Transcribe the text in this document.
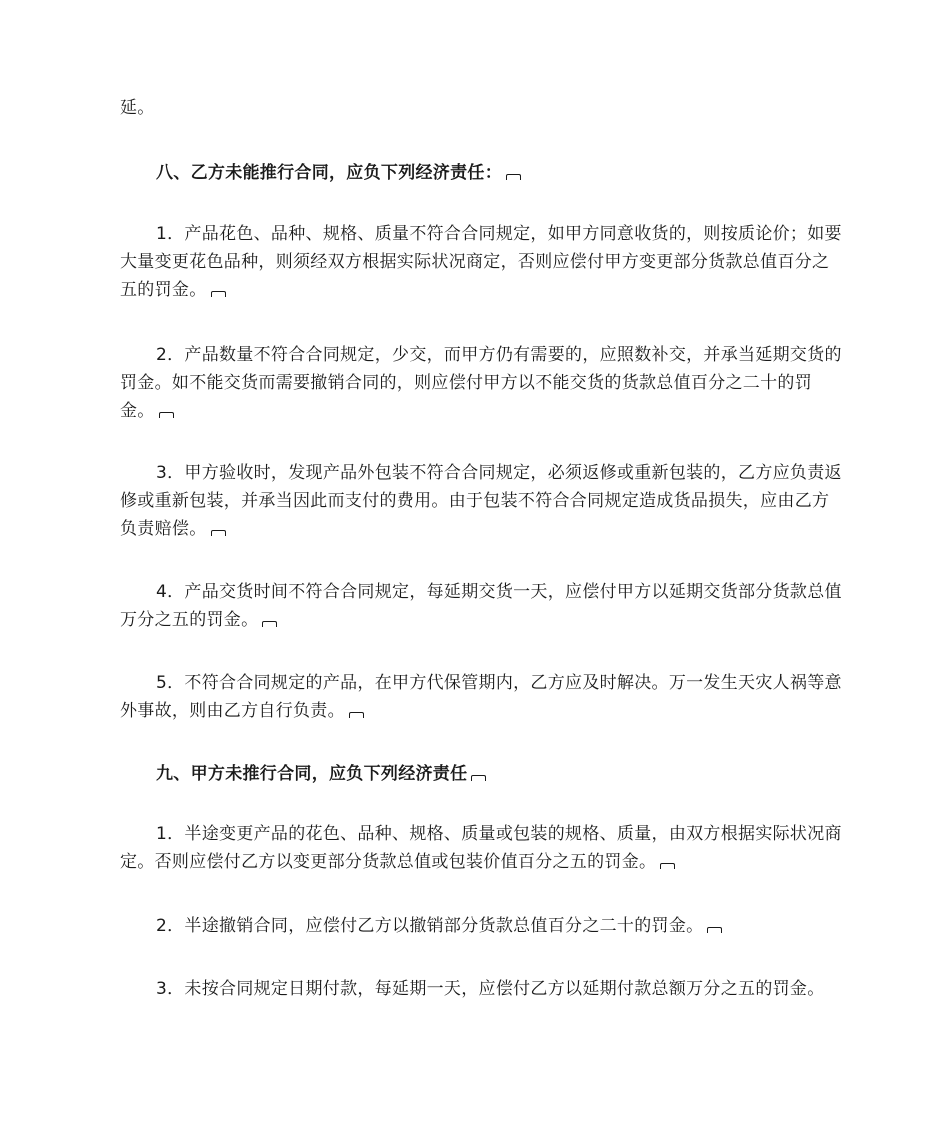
延。

八、乙方未能推行合同，应负下列经济责任：

1．产品花色、品种、规格、质量不符合合同规定，如甲方同意收货的，则按质论价；如要大量变更花色品种，则须经双方根据实际状况商定，否则应偿付甲方变更部分货款总值百分之五的罚金。

2．产品数量不符合合同规定，少交，而甲方仍有需要的，应照数补交，并承当延期交货的罚金。如不能交货而需要撤销合同的，则应偿付甲方以不能交货的货款总值百分之二十的罚金。

3．甲方验收时，发现产品外包装不符合合同规定，必须返修或重新包装的，乙方应负责返修或重新包装，并承当因此而支付的费用。由于包装不符合合同规定造成货品损失，应由乙方负责赔偿。

4．产品交货时间不符合合同规定，每延期交货一天，应偿付甲方以延期交货部分货款总值万分之五的罚金。

5．不符合合同规定的产品，在甲方代保管期内，乙方应及时解决。万一发生天灾人祸等意外事故，则由乙方自行负责。

九、甲方未推行合同，应负下列经济责任

1．半途变更产品的花色、品种、规格、质量或包装的规格、质量，由双方根据实际状况商定。否则应偿付乙方以变更部分货款总值或包装价值百分之五的罚金。

2．半途撤销合同，应偿付乙方以撤销部分货款总值百分之二十的罚金。

3．未按合同规定日期付款，每延期一天，应偿付乙方以延期付款总额万分之五的罚金。
